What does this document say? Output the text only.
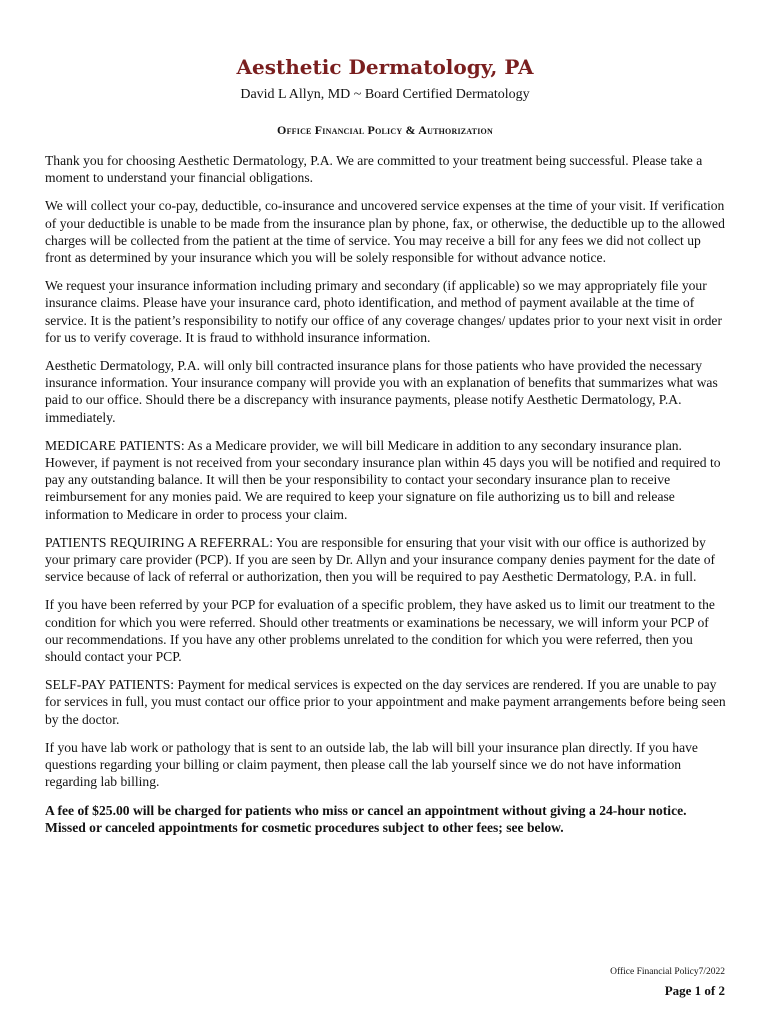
Aesthetic Dermatology, PA
David L Allyn, MD ~ Board Certified Dermatology
Office Financial Policy & Authorization

Thank you for choosing Aesthetic Dermatology, P.A. We are committed to your treatment being successful. Please take a moment to understand your financial obligations.

We will collect your co-pay, deductible, co-insurance and uncovered service expenses at the time of your visit. If verification of your deductible is unable to be made from the insurance plan by phone, fax, or otherwise, the deductible up to the allowed charges will be collected from the patient at the time of service. You may receive a bill for any fees we did not collect up front as determined by your insurance which you will be solely responsible for without advance notice.

We request your insurance information including primary and secondary (if applicable) so we may appropriately file your insurance claims. Please have your insurance card, photo identification, and method of payment available at the time of service. It is the patient’s responsibility to notify our office of any coverage changes/ updates prior to your next visit in order for us to verify coverage. It is fraud to withhold insurance information.

Aesthetic Dermatology, P.A. will only bill contracted insurance plans for those patients who have provided the necessary insurance information. Your insurance company will provide you with an explanation of benefits that summarizes what was paid to our office. Should there be a discrepancy with insurance payments, please notify Aesthetic Dermatology, P.A. immediately.

MEDICARE PATIENTS: As a Medicare provider, we will bill Medicare in addition to any secondary insurance plan. However, if payment is not received from your secondary insurance plan within 45 days you will be notified and required to pay any outstanding balance. It will then be your responsibility to contact your secondary insurance plan to receive reimbursement for any monies paid. We are required to keep your signature on file authorizing us to bill and release information to Medicare in order to process your claim.

PATIENTS REQUIRING A REFERRAL: You are responsible for ensuring that your visit with our office is authorized by your primary care provider (PCP). If you are seen by Dr. Allyn and your insurance company denies payment for the date of service because of lack of referral or authorization, then you will be required to pay Aesthetic Dermatology, P.A. in full.

If you have been referred by your PCP for evaluation of a specific problem, they have asked us to limit our treatment to the condition for which you were referred. Should other treatments or examinations be necessary, we will inform your PCP of our recommendations. If you have any other problems unrelated to the condition for which you were referred, then you should contact your PCP.

SELF-PAY PATIENTS: Payment for medical services is expected on the day services are rendered. If you are unable to pay for services in full, you must contact our office prior to your appointment and make payment arrangements before being seen by the doctor.

If you have lab work or pathology that is sent to an outside lab, the lab will bill your insurance plan directly. If you have questions regarding your billing or claim payment, then please call the lab yourself since we do not have information regarding lab billing.

A fee of $25.00 will be charged for patients who miss or cancel an appointment without giving a 24-hour notice. Missed or canceled appointments for cosmetic procedures subject to other fees; see below.

Office Financial Policy7/2022
Page 1 of 2
